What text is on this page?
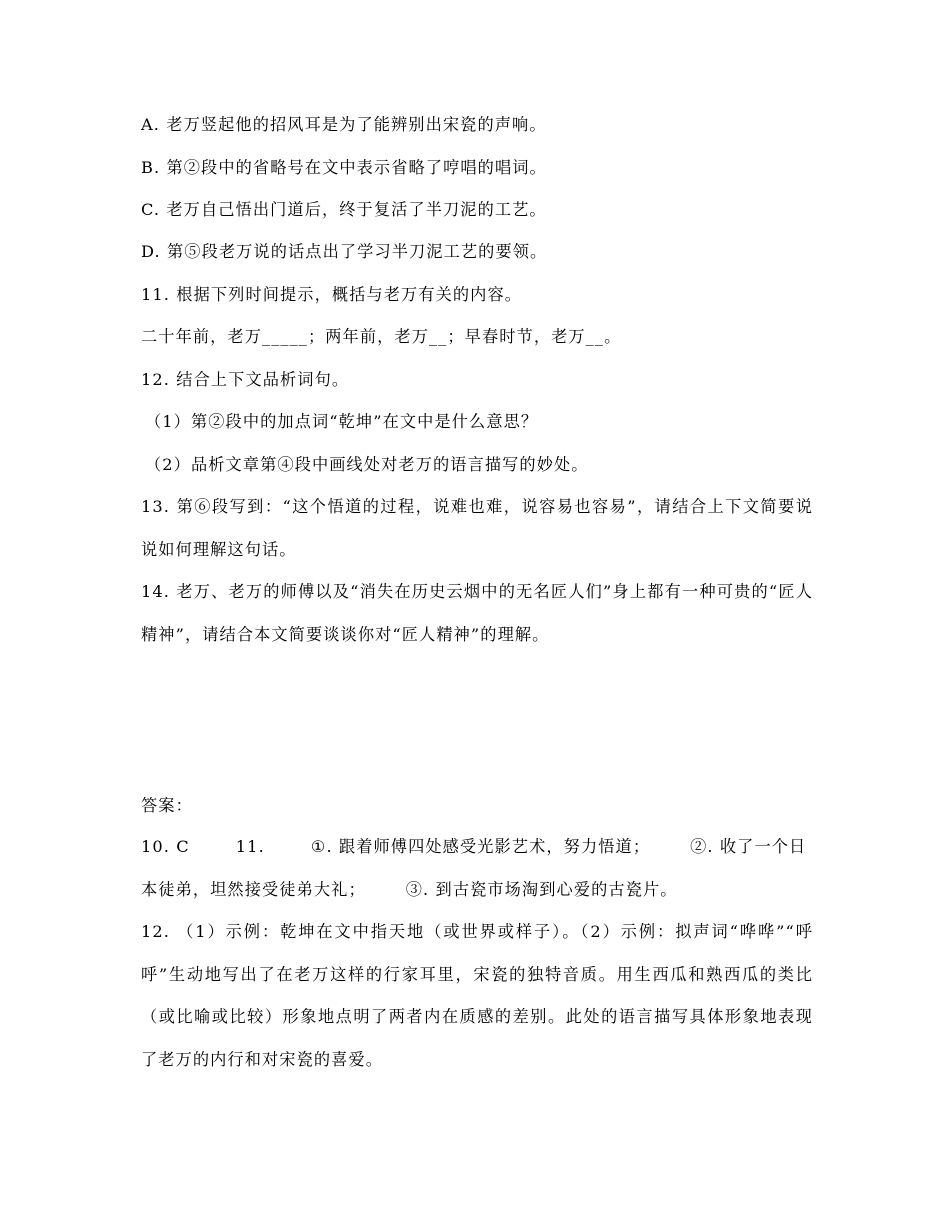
A. 老万竖起他的招风耳是为了能辨别出宋瓷的声响。
B. 第②段中的省略号在文中表示省略了哼唱的唱词。
C. 老万自己悟出门道后，终于复活了半刀泥的工艺。
D. 第⑤段老万说的话点出了学习半刀泥工艺的要领。
11. 根据下列时间提示，概括与老万有关的内容。
二十年前，老万_____；两年前，老万__；早春时节，老万__。
12. 结合上下文品析词句。
（1）第②段中的加点词“乾坤”在文中是什么意思？
（2）品析文章第④段中画线处对老万的语言描写的妙处。
13. 第⑥段写到：“这个悟道的过程，说难也难，说容易也容易”，请结合上下文简要说说如何理解这句话。
14. 老万、老万的师傅以及“消失在历史云烟中的无名匠人们”身上都有一种可贵的“匠人精神”，请结合本文简要谈谈你对“匠人精神”的理解。
答案：
10. C	11.	①. 跟着师傅四处感受光影艺术，努力悟道； ②. 收了一个日本徒弟，坦然接受徒弟大礼； ③. 到古瓷市场淘到心爱的古瓷片。
12. （1）示例：乾坤在文中指天地（或世界或样子）。（2）示例：拟声词“哗哗”“呼呼”生动地写出了在老万这样的行家耳里，宋瓷的独特音质。用生西瓜和熟西瓜的类比（或比喻或比较）形象地点明了两者内在质感的差别。此处的语言描写具体形象地表现了老万的内行和对宋瓷的喜爱。
